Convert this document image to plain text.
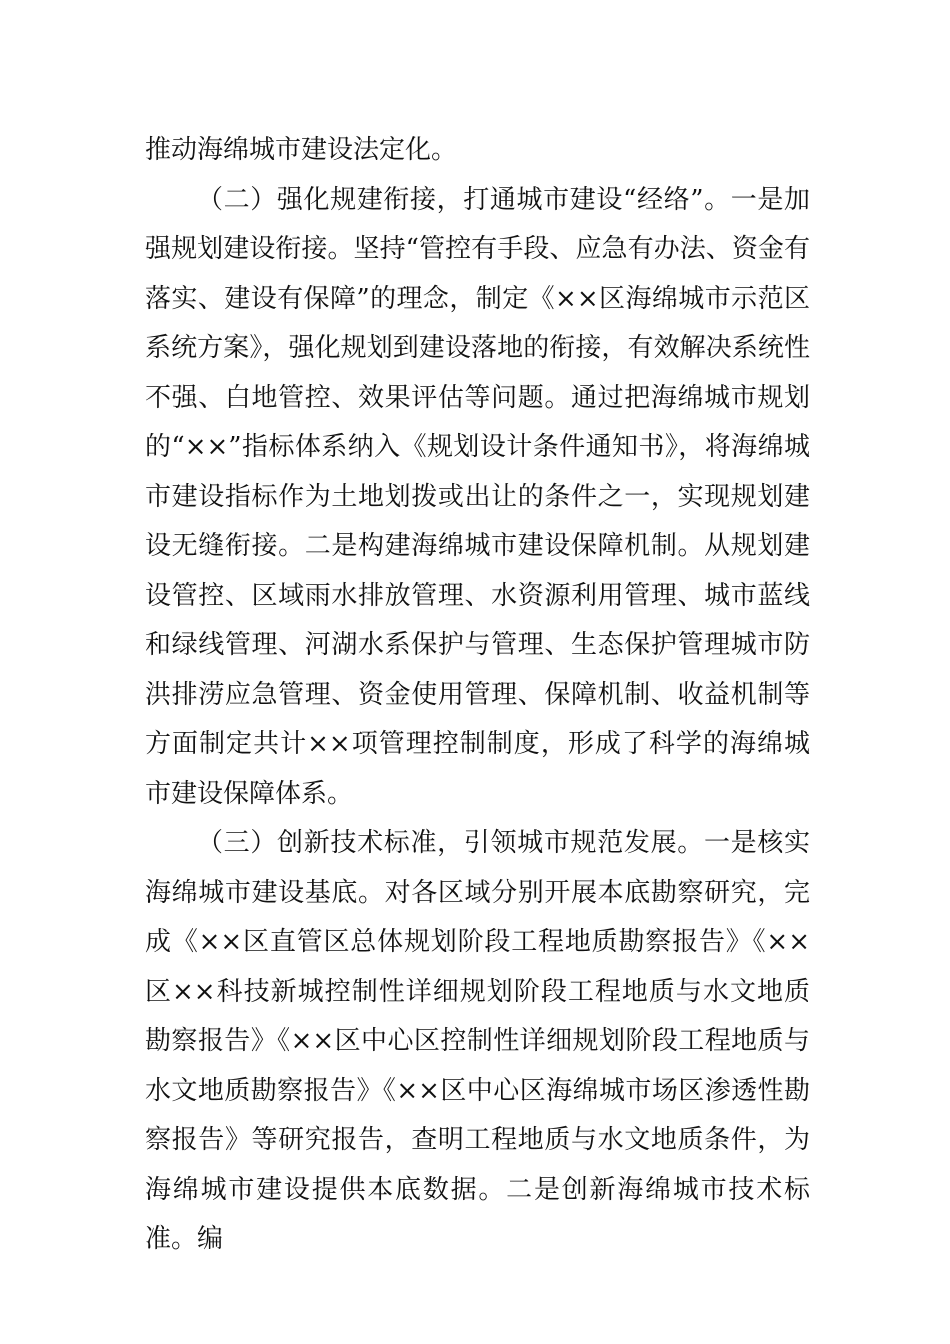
推动海绵城市建设法定化。

（二）强化规建衔接，打通城市建设“经络”。一是加强规划建设衔接。坚持“管控有手段、应急有办法、资金有落实、建设有保障”的理念，制定《××区海绵城市示范区系统方案》，强化规划到建设落地的衔接，有效解决系统性不强、白地管控、效果评估等问题。通过把海绵城市规划的“××”指标体系纳入《规划设计条件通知书》，将海绵城市建设指标作为土地划拨或出让的条件之一，实现规划建设无缝衔接。二是构建海绵城市建设保障机制。从规划建设管控、区域雨水排放管理、水资源利用管理、城市蓝线和绿线管理、河湖水系保护与管理、生态保护管理城市防洪排涝应急管理、资金使用管理、保障机制、收益机制等方面制定共计××项管理控制制度，形成了科学的海绵城市建设保障体系。

（三）创新技术标准，引领城市规范发展。一是核实海绵城市建设基底。对各区域分别开展本底勘察研究，完成《××区直管区总体规划阶段工程地质勘察报告》《××区××科技新城控制性详细规划阶段工程地质与水文地质勘察报告》《××区中心区控制性详细规划阶段工程地质与水文地质勘察报告》《××区中心区海绵城市场区渗透性勘察报告》等研究报告，查明工程地质与水文地质条件，为海绵城市建设提供本底数据。二是创新海绵城市技术标准。编
